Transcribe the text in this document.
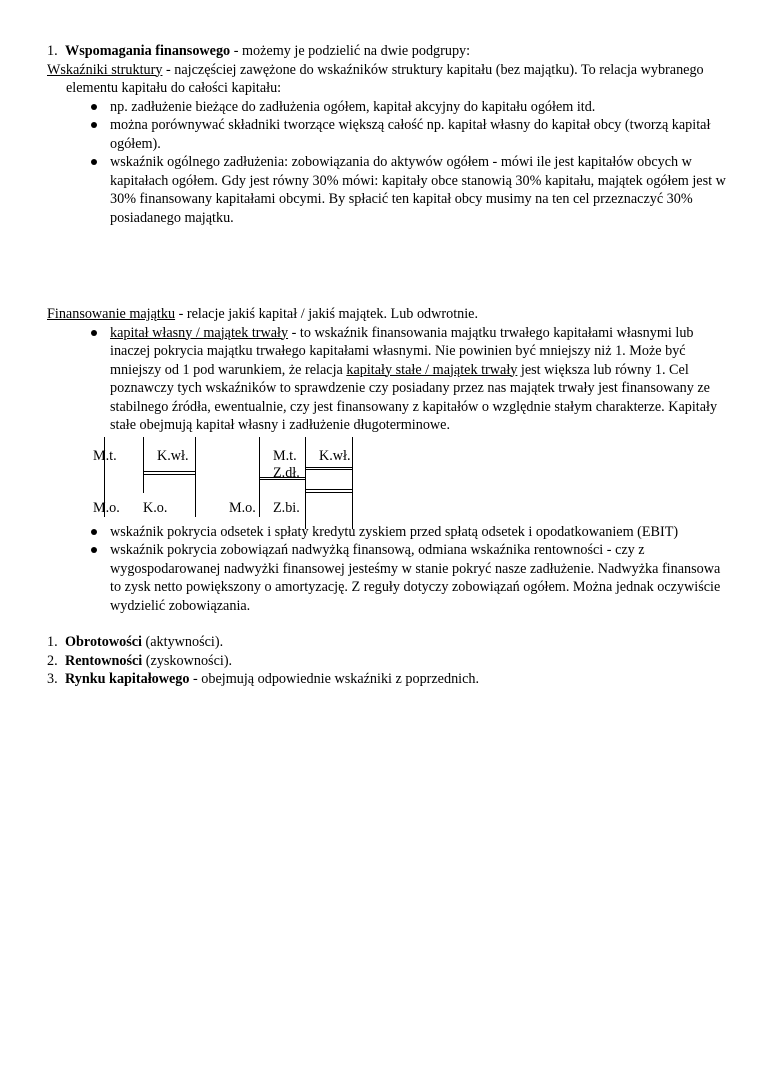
1. Wspomagania finansowego - możemy je podzielić na dwie podgrupy:
Wskaźniki struktury - najczęściej zawężone do wskaźników struktury kapitału (bez majątku). To relacja wybranego elementu kapitału do całości kapitału:
np. zadłużenie bieżące do zadłużenia ogółem, kapitał akcyjny do kapitału ogółem itd.
można porównywać składniki tworzące większą całość np. kapitał własny do kapitał obcy (tworzą kapitał ogółem).
wskaźnik ogólnego zadłużenia: zobowiązania do aktywów ogółem - mówi ile jest kapitałów obcych w kapitałach ogółem. Gdy jest równy 30% mówi: kapitały obce stanowią 30% kapitału, majątek ogółem jest w 30% finansowany kapitałami obcymi. By spłacić ten kapitał obcy musimy na ten cel przeznaczyć 30% posiadanego majątku.
Finansowanie majątku - relacje jakiś kapitał / jakiś majątek. Lub odwrotnie.
kapitał własny / majątek trwały - to wskaźnik finansowania majątku trwałego kapitałami własnymi lub inaczej pokrycia majątku trwałego kapitałami własnymi. Nie powinien być mniejszy niż 1. Może być mniejszy od 1 pod warunkiem, że relacja kapitały stałe / majątek trwały jest większa lub równy 1. Cel poznawczy tych wskaźników to sprawdzenie czy posiadany przez nas majątek trwały jest finansowany ze stabilnego źródła, ewentualnie, czy jest finansowany z kapitałów o względnie stałym charakterze. Kapitały stałe obejmują kapitał własny i zadłużenie długoterminowe.
M.t.	K.wł.
M.o. K.o.
M.t. K.wł.
Z.dł.
M.o. Z.bi.
wskaźnik pokrycia odsetek i spłaty kredytu zyskiem przed spłatą odsetek i opodatkowaniem (EBIT)
wskaźnik pokrycia zobowiązań nadwyżką finansową, odmiana wskaźnika rentowności - czy z wygospodarowanej nadwyżki finansowej jesteśmy w stanie pokryć nasze zadłużenie. Nadwyżka finansowa to zysk netto powiększony o amortyzację. Z reguły dotyczy zobowiązań ogółem. Można jednak oczywiście wydzielić zobowiązania.
1. Obrotowości (aktywności).
2. Rentowności (zyskowności).
3. Rynku kapitałowego - obejmują odpowiednie wskaźniki z poprzednich.
